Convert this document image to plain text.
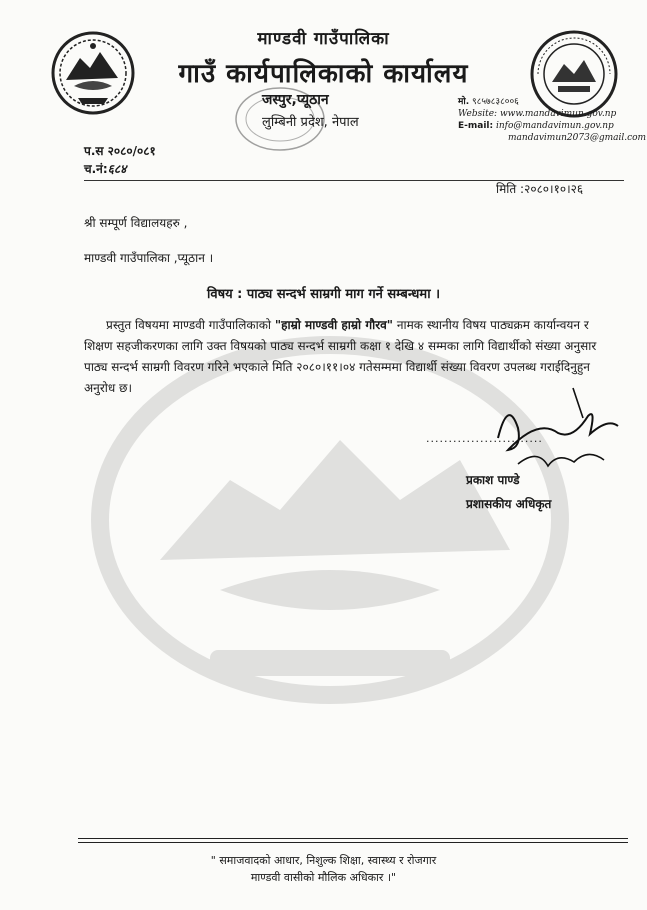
माण्डवी गाउँपालिका
गाउँ कार्यपालिकाको कार्यालय
जस्पुर,प्यूठान
लुम्बिनी प्रदेश, नेपाल
मो. ९८५७८३८००६
Website: www.mandavimun.gov.np
E-mail: info@mandavimun.gov.np
mandavimun2073@gmail.com
प.स २०८०/०८१
च.नं:६८४
मिति :२०८०।१०।२६
श्री सम्पूर्ण विद्यालयहरु ,
माण्डवी गाउँपालिका ,प्यूठान ।
विषय : पाठ्य सन्दर्भ साम्रगी माग गर्ने सम्बन्धमा ।
प्रस्तुत विषयमा माण्डवी गाउँपालिकाको "हाम्रो माण्डवी हाम्रो गौरव" नामक स्थानीय विषय पाठ्यक्रम कार्यान्वयन र शिक्षण सहजीकरणका लागि उक्त विषयको पाठ्य सन्दर्भ साम्रगी कक्षा १ देखि ४ सम्मका लागि विद्यार्थीको संख्या अनुसार पाठ्य सन्दर्भ साम्रगी विवरण गरिने भएकाले मिति २०८०।११।०४ गतेसम्ममा विद्यार्थी संख्या विवरण उपलब्ध गराईदिनुहुन अनुरोध छ।
..........................
प्रकाश पाण्डे
प्रशासकीय अधिकृत
" समाजवादको आधार, निशुल्क शिक्षा, स्वास्थ्य र रोजगार
माण्डवी वासीको मौलिक अधिकार ।"
